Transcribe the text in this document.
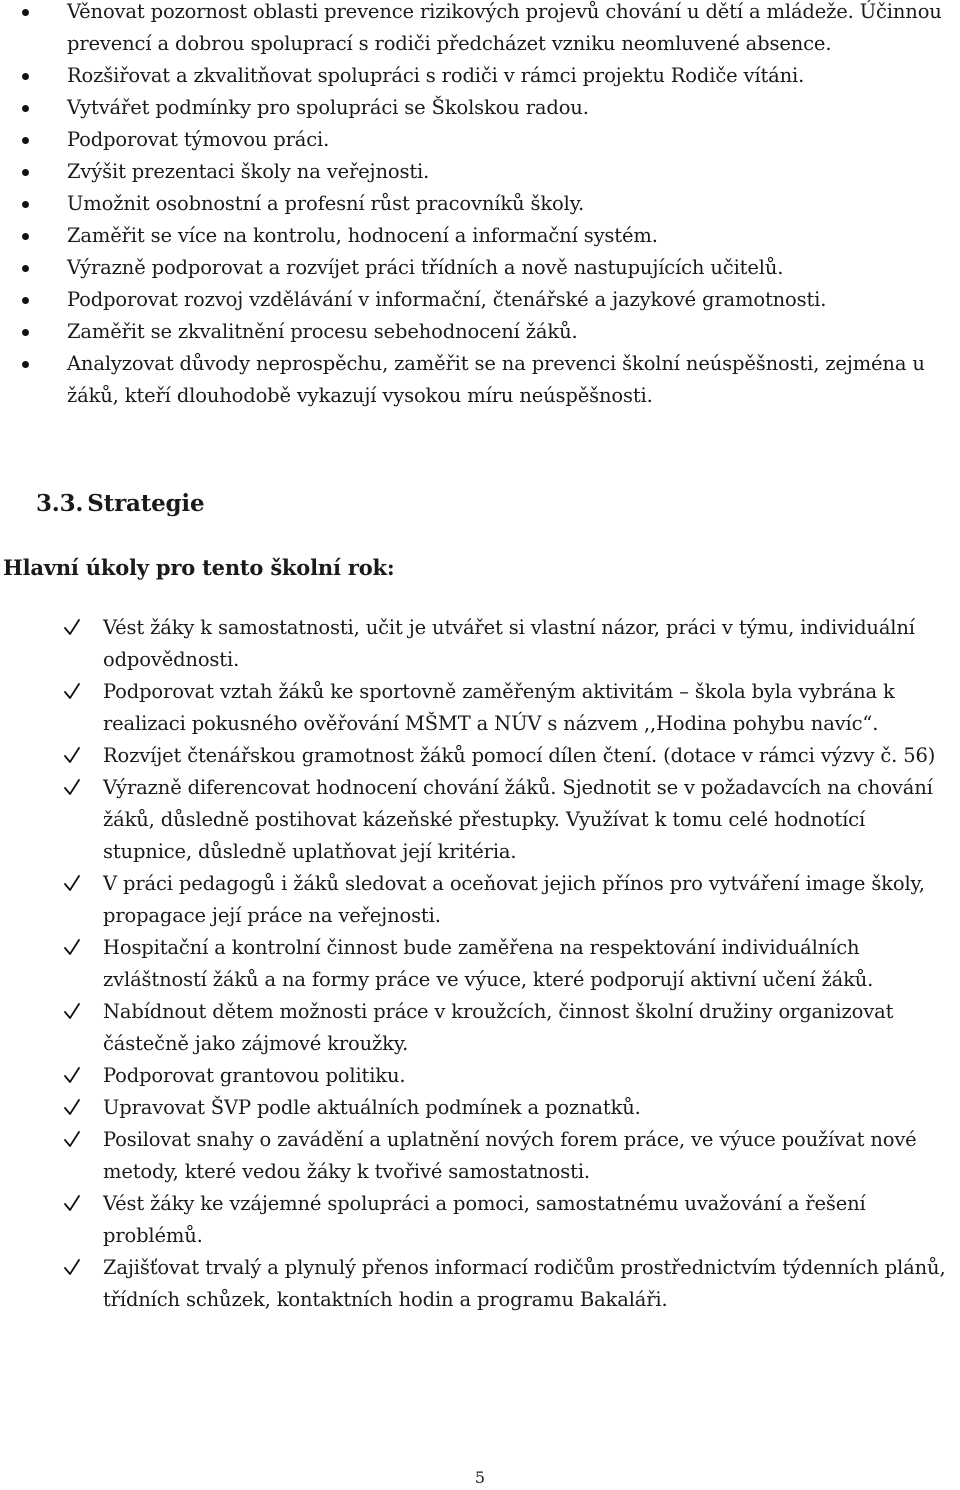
Věnovat pozornost oblasti prevence rizikových projevů chování u dětí a mládeže. Účinnou prevencí a dobrou spoluprací s rodiči předcházet vzniku neomluvené absence.
Rozšiřovat a zkvalitňovat spolupráci s rodiči v rámci projektu Rodiče vítáni.
Vytvářet podmínky pro spolupráci se Školskou radou.
Podporovat týmovou práci.
Zvýšit prezentaci školy na veřejnosti.
Umožnit osobnostní a profesní růst pracovníků školy.
Zaměřit se více na kontrolu, hodnocení a informační systém.
Výrazně podporovat a rozvíjet práci třídních a nově nastupujících učitelů.
Podporovat rozvoj vzdělávání v informační, čtenářské a jazykové gramotnosti.
Zaměřit se zkvalitnění procesu sebehodnocení žáků.
Analyzovat důvody neprospěchu, zaměřit se na prevenci školní neúspěšnosti, zejména u žáků, kteří dlouhodobě vykazují vysokou míru neúspěšnosti.
3.3. Strategie
Hlavní úkoly pro tento školní rok:
Vést žáky k samostatnosti, učit je utvářet si vlastní názor, práci v týmu, individuální odpovědnosti.
Podporovat vztah žáků ke sportovně zaměřeným aktivitám – škola byla vybrána k realizaci pokusného ověřování MŠMT a NÚV s názvem ,,Hodina pohybu navíc“.
Rozvíjet čtenářskou gramotnost žáků pomocí dílen čtení. (dotace v rámci výzvy č. 56)
Výrazně diferencovat hodnocení chování žáků. Sjednotit se v požadavcích na chování žáků, důsledně postihovat kázeňské přestupky. Využívat k tomu celé hodnotící stupnice, důsledně uplatňovat její kritéria.
V práci pedagogů i žáků sledovat a oceňovat jejich přínos pro vytváření image školy, propagace její práce na veřejnosti.
Hospitační a kontrolní činnost bude zaměřena na respektování individuálních zvláštností žáků a na formy práce ve výuce, které podporují aktivní učení žáků.
Nabídnout dětem možnosti práce v kroužcích, činnost školní družiny organizovat částečně jako zájmové kroužky.
Podporovat grantovou politiku.
Upravovat ŠVP podle aktuálních podmínek a poznatků.
Posilovat snahy o zavádění a uplatnění nových forem práce, ve výuce používat nové metody, které vedou žáky k tvořivé samostatnosti.
Vést žáky ke vzájemné spolupráci a pomoci, samostatnému uvažování a řešení problémů.
Zajišťovat trvalý a plynulý přenos informací rodičům prostřednictvím týdenních plánů, třídních schůzek, kontaktních hodin a programu Bakaláři.
5
